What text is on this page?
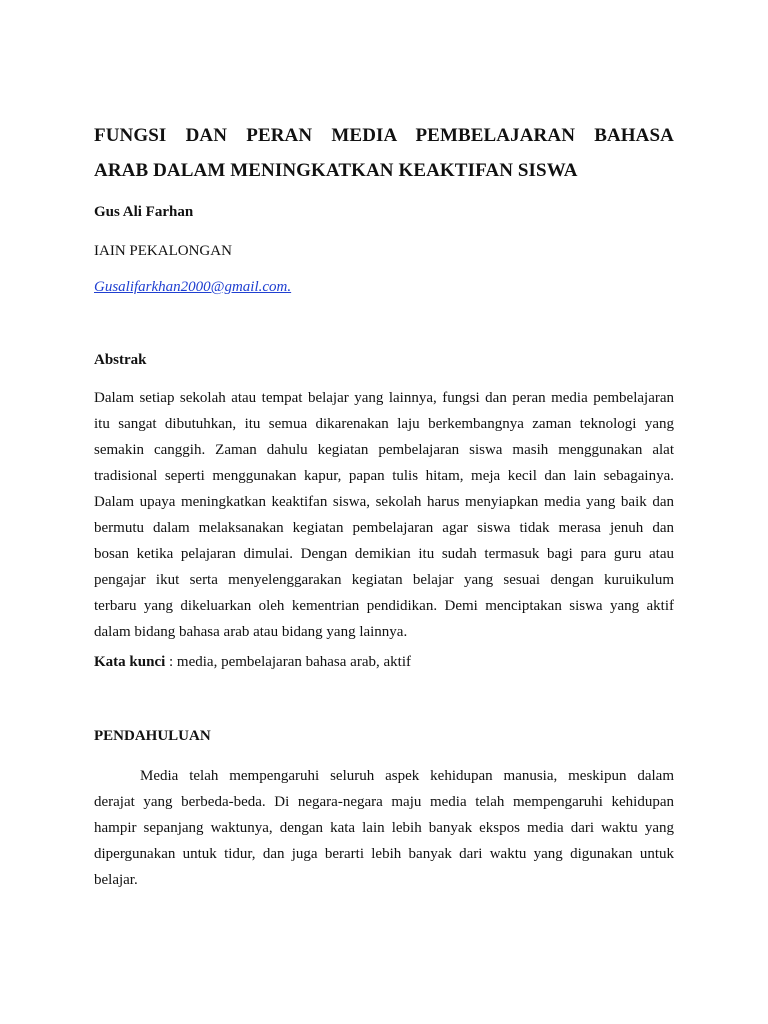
FUNGSI DAN PERAN MEDIA PEMBELAJARAN BAHASA
ARAB DALAM MENINGKATKAN KEAKTIFAN SISWA
Gus Ali Farhan
IAIN PEKALONGAN
Gusalifarkhan2000@gmail.com.
Abstrak
Dalam setiap sekolah atau tempat belajar yang lainnya, fungsi dan peran media pembelajaran
itu sangat dibutuhkan, itu semua dikarenakan laju berkembangnya zaman teknologi yang
semakin canggih. Zaman dahulu kegiatan pembelajaran siswa masih menggunakan alat
tradisional seperti menggunakan kapur, papan tulis hitam, meja kecil dan lain sebagainya.
Dalam upaya meningkatkan keaktifan siswa, sekolah harus menyiapkan media yang baik dan
bermutu dalam melaksanakan kegiatan pembelajaran agar siswa tidak merasa jenuh dan
bosan ketika pelajaran dimulai. Dengan demikian itu sudah termasuk bagi para guru atau
pengajar ikut serta menyelenggarakan kegiatan belajar yang sesuai dengan kuruikulum
terbaru yang dikeluarkan oleh kementrian pendidikan. Demi menciptakan siswa yang aktif
dalam bidang bahasa arab atau bidang yang lainnya.
Kata kunci : media, pembelajaran bahasa arab, aktif
PENDAHULUAN
Media telah mempengaruhi seluruh aspek kehidupan manusia, meskipun dalam
derajat yang berbeda-beda. Di negara-negara maju media telah mempengaruhi kehidupan
hampir sepanjang waktunya, dengan kata lain lebih banyak ekspos media dari waktu yang
dipergunakan untuk tidur, dan juga berarti lebih banyak dari waktu yang digunakan untuk
belajar.
